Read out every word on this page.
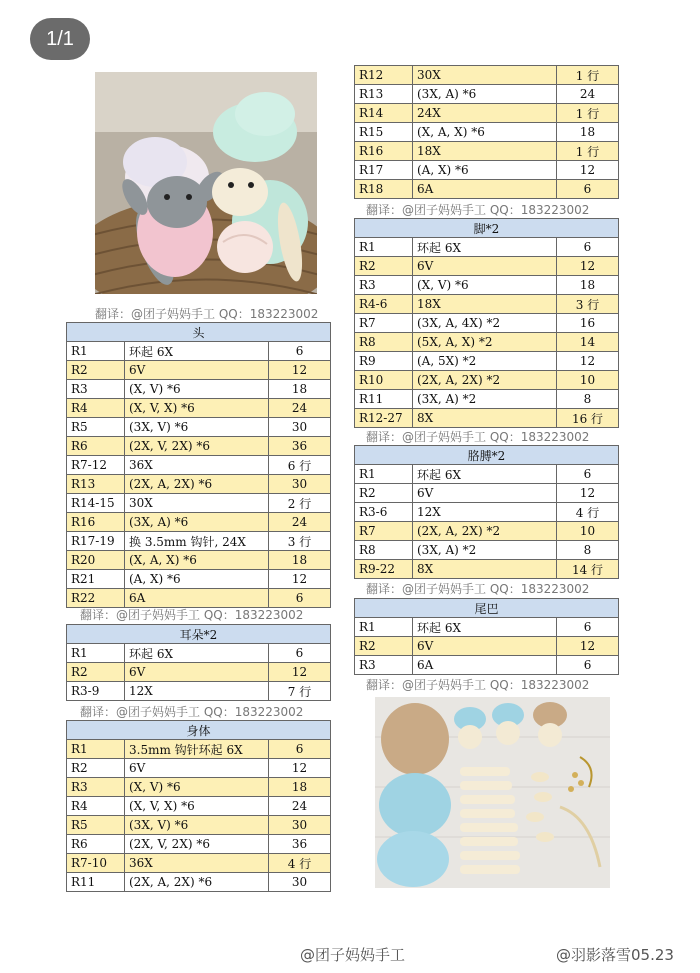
1/1
翻译：@团子妈妈手工 QQ：183223002
头		
R1	环起 6X	6
R2	6V	12
R3	(X, V) *6	18
R4	(X, V, X) *6	24
R5	(3X, V) *6	30
R6	(2X, V, 2X) *6	36
R7-12	36X	6 行
R13	(2X, A, 2X) *6	30
R14-15	30X	2 行
R16	(3X, A) *6	24
R17-19	换 3.5mm 钩针, 24X	3 行
R20	(X, A, X) *6	18
R21	(A, X) *6	12
R22	6A	6
翻译：@团子妈妈手工 QQ：183223002
耳朵*2		
R1	环起 6X	6
R2	6V	12
R3-9	12X	7 行
翻译：@团子妈妈手工 QQ：183223002
身体		
R1	3.5mm 钩针环起 6X	6
R2	6V	12
R3	(X, V) *6	18
R4	(X, V, X) *6	24
R5	(3X, V) *6	30
R6	(2X, V, 2X) *6	36
R7-10	36X	4 行
R11	(2X, A, 2X) *6	30
R12	30X	1 行
R13	(3X, A) *6	24
R14	24X	1 行
R15	(X, A, X) *6	18
R16	18X	1 行
R17	(A, X) *6	12
R18	6A	6
翻译：@团子妈妈手工 QQ：183223002
脚*2		
R1	环起 6X	6
R2	6V	12
R3	(X, V) *6	18
R4-6	18X	3 行
R7	(3X, A, 4X) *2	16
R8	(5X, A, X) *2	14
R9	(A, 5X) *2	12
R10	(2X, A, 2X) *2	10
R11	(3X, A) *2	8
R12-27	8X	16 行
翻译：@团子妈妈手工 QQ：183223002
胳膊*2		
R1	环起 6X	6
R2	6V	12
R3-6	12X	4 行
R7	(2X, A, 2X) *2	10
R8	(3X, A) *2	8
R9-22	8X	14 行
翻译：@团子妈妈手工 QQ：183223002
尾巴		
R1	环起 6X	6
R2	6V	12
R3	6A	6
翻译：@团子妈妈手工 QQ：183223002
@团子妈妈手工	@羽影落雪05.23
